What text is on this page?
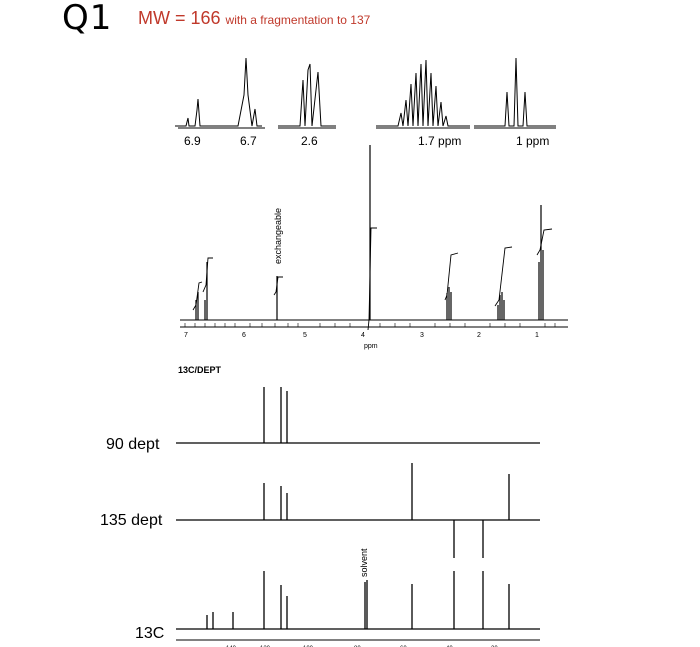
Q1 MW = 166 with a fragmentation to 137
6.9	6.7	2.6	1.7 ppm	1 ppm
7	6	5	4	3	2	1
ppm
exchangeable
13C/DEPT
90 dept
135 dept
13C
solvent
